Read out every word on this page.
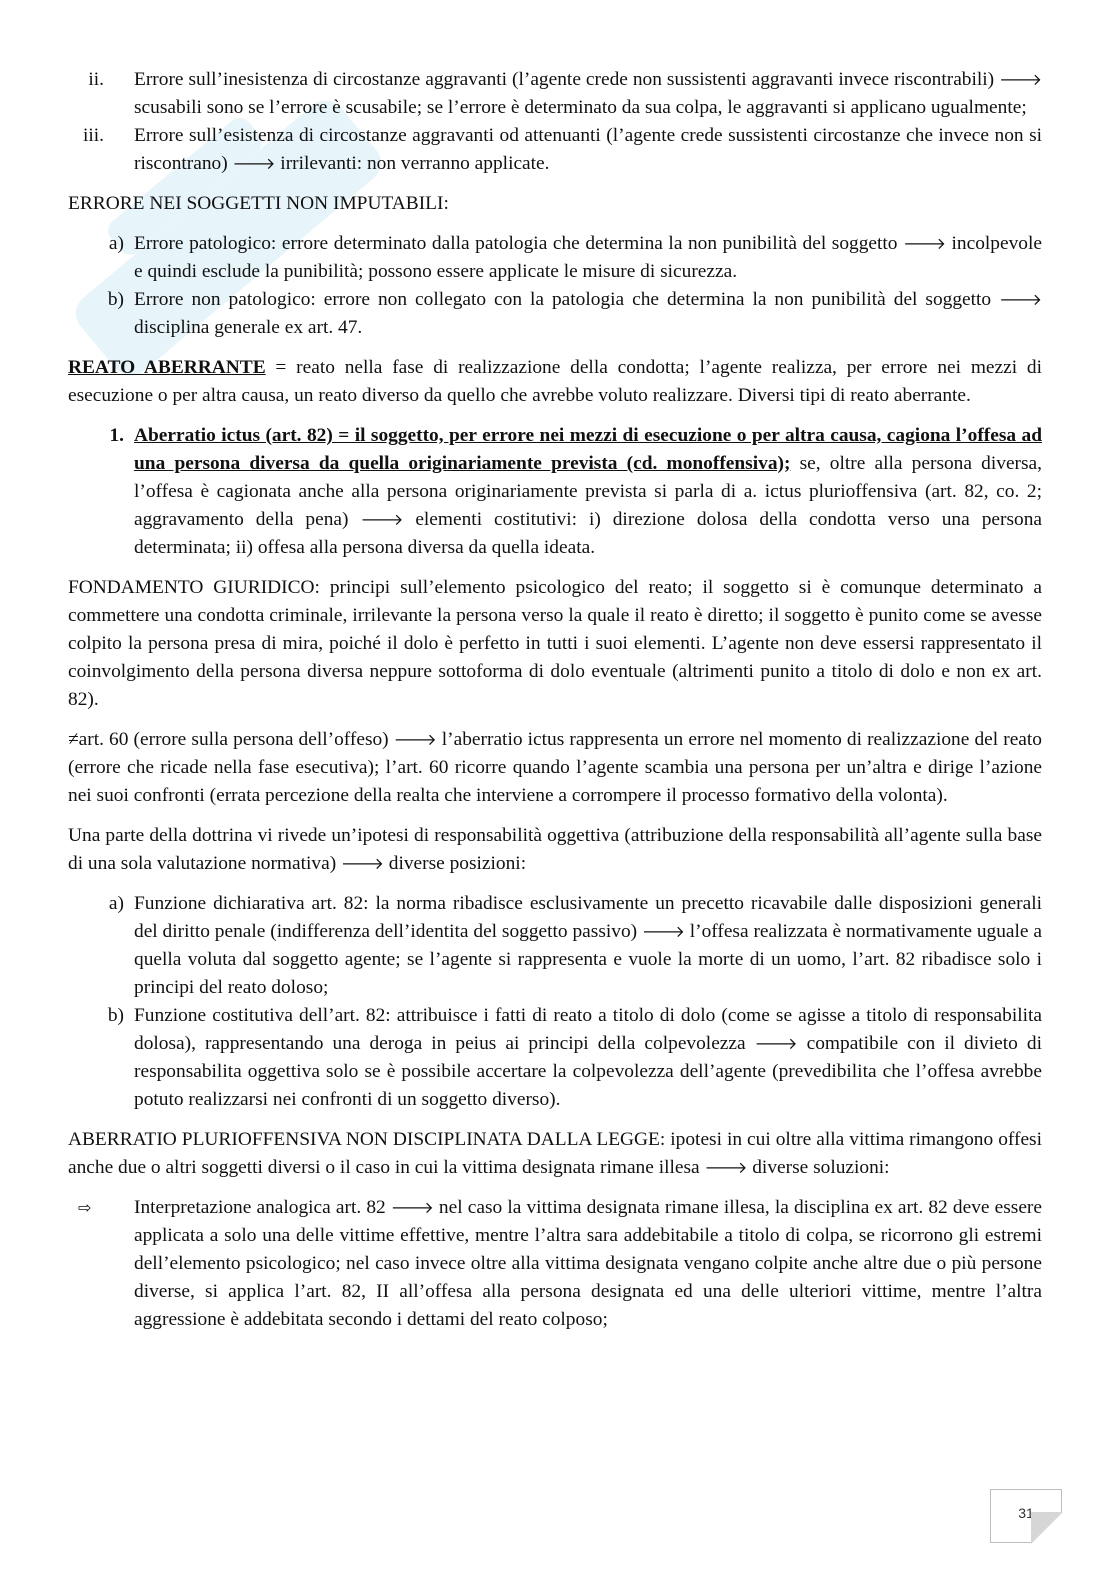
ii. Errore sull’inesistenza di circostanze aggravanti (l’agente crede non sussistenti aggravanti invece riscontrabili) 🡒 scusabili sono se l’errore è scusabile; se l’errore è determinato da sua colpa, le aggravanti si applicano ugualmente;
iii. Errore sull’esistenza di circostanze aggravanti od attenuanti (l’agente crede sussistenti circostanze che invece non si riscontrano) 🡒 irrilevanti: non verranno applicate.

ERRORE NEI SOGGETTI NON IMPUTABILI:

a) Errore patologico: errore determinato dalla patologia che determina la non punibilità del soggetto 🡒 incolpevole e quindi esclude la punibilità; possono essere applicate le misure di sicurezza.
b) Errore non patologico: errore non collegato con la patologia che determina la non punibilità del soggetto 🡒 disciplina generale ex art. 47.

REATO ABERRANTE = reato nella fase di realizzazione della condotta; l’agente realizza, per errore nei mezzi di esecuzione o per altra causa, un reato diverso da quello che avrebbe voluto realizzare. Diversi tipi di reato aberrante.

1. Aberratio ictus (art. 82) = il soggetto, per errore nei mezzi di esecuzione o per altra causa, cagiona l’offesa ad una persona diversa da quella originariamente prevista (cd. monoffensiva); se, oltre alla persona diversa, l’offesa è cagionata anche alla persona originariamente prevista si parla di a. ictus plurioffensiva (art. 82, co. 2; aggravamento della pena) 🡒 elementi costitutivi: i) direzione dolosa della condotta verso una persona determinata; ii) offesa alla persona diversa da quella ideata.

FONDAMENTO GIURIDICO: principi sull’elemento psicologico del reato; il soggetto si è comunque determinato a commettere una condotta criminale, irrilevante la persona verso la quale il reato è diretto; il soggetto è punito come se avesse colpito la persona presa di mira, poiché il dolo è perfetto in tutti i suoi elementi. L’agente non deve essersi rappresentato il coinvolgimento della persona diversa neppure sottoforma di dolo eventuale (altrimenti punito a titolo di dolo e non ex art. 82).

≠art. 60 (errore sulla persona dell’offeso) 🡒 l’aberratio ictus rappresenta un errore nel momento di realizzazione del reato (errore che ricade nella fase esecutiva); l’art. 60 ricorre quando l’agente scambia una persona per un’altra e dirige l’azione nei suoi confronti (errata percezione della realta che interviene a corrompere il processo formativo della volonta).

Una parte della dottrina vi rivede un’ipotesi di responsabilità oggettiva (attribuzione della responsabilità all’agente sulla base di una sola valutazione normativa) 🡒 diverse posizioni:

a) Funzione dichiarativa art. 82: la norma ribadisce esclusivamente un precetto ricavabile dalle disposizioni generali del diritto penale (indifferenza dell’identita del soggetto passivo) 🡒 l’offesa realizzata è normativamente uguale a quella voluta dal soggetto agente; se l’agente si rappresenta e vuole la morte di un uomo, l’art. 82 ribadisce solo i principi del reato doloso;
b) Funzione costitutiva dell’art. 82: attribuisce i fatti di reato a titolo di dolo (come se agisse a titolo di responsabilita dolosa), rappresentando una deroga in peius ai principi della colpevolezza 🡒 compatibile con il divieto di responsabilita oggettiva solo se è possibile accertare la colpevolezza dell’agente (prevedibilita che l’offesa avrebbe potuto realizzarsi nei confronti di un soggetto diverso).

ABERRATIO PLURIOFFENSIVA NON DISCIPLINATA DALLA LEGGE: ipotesi in cui oltre alla vittima rimangono offesi anche due o altri soggetti diversi o il caso in cui la vittima designata rimane illesa 🡒 diverse soluzioni:

⇨	Interpretazione analogica art. 82 🡒 nel caso la vittima designata rimane illesa, la disciplina ex art. 82 deve essere applicata a solo una delle vittime effettive, mentre l’altra sara addebitabile a titolo di colpa, se ricorrono gli estremi dell’elemento psicologico; nel caso invece oltre alla vittima designata vengano colpite anche altre due o più persone diverse, si applica l’art. 82, II all’offesa alla persona designata ed una delle ulteriori vittime, mentre l’altra aggressione è addebitata secondo i dettami del reato colposo;
31
